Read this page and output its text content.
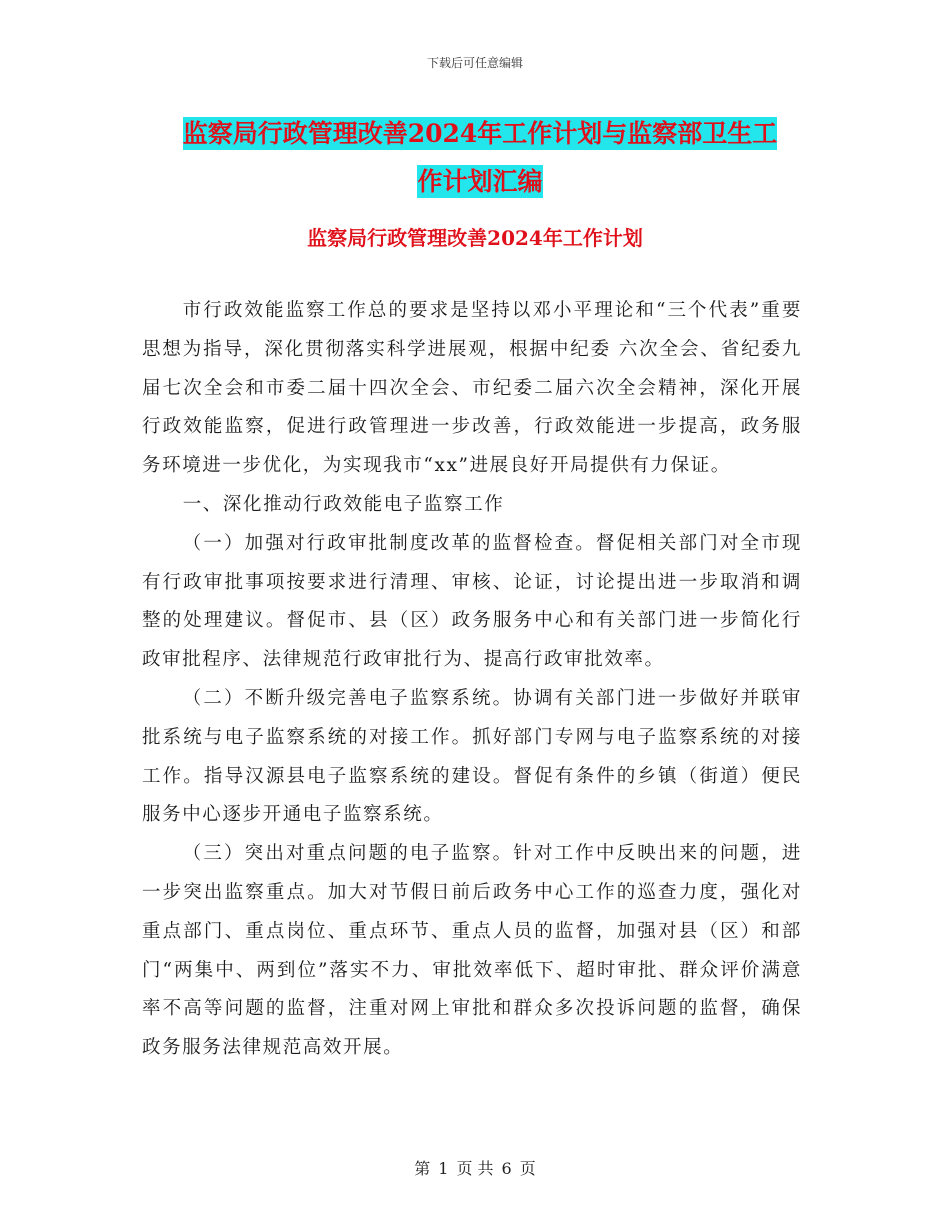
下载后可任意编辑
监察局行政管理改善2024年工作计划与监察部卫生工
作计划汇编
监察局行政管理改善2024年工作计划

市行政效能监察工作总的要求是坚持以邓小平理论和“三个代表”重要思想为指导，深化贯彻落实科学进展观，根据中纪委 六次全会、省纪委九届七次全会和市委二届十四次全会、市纪委二届六次全会精神，深化开展行政效能监察，促进行政管理进一步改善，行政效能进一步提高，政务服务环境进一步优化，为实现我市“xx”进展良好开局提供有力保证。

一、深化推动行政效能电子监察工作

（一）加强对行政审批制度改革的监督检查。督促相关部门对全市现有行政审批事项按要求进行清理、审核、论证，讨论提出进一步取消和调整的处理建议。督促市、县（区）政务服务中心和有关部门进一步简化行政审批程序、法律规范行政审批行为、提高行政审批效率。

（二）不断升级完善电子监察系统。协调有关部门进一步做好并联审批系统与电子监察系统的对接工作。抓好部门专网与电子监察系统的对接工作。指导汉源县电子监察系统的建设。督促有条件的乡镇（街道）便民服务中心逐步开通电子监察系统。

（三）突出对重点问题的电子监察。针对工作中反映出来的问题，进一步突出监察重点。加大对节假日前后政务中心工作的巡查力度，强化对重点部门、重点岗位、重点环节、重点人员的监督，加强对县（区）和部门“两集中、两到位”落实不力、审批效率低下、超时审批、群众评价满意率不高等问题的监督，注重对网上审批和群众多次投诉问题的监督，确保政务服务法律规范高效开展。

第 1 页 共 6 页
